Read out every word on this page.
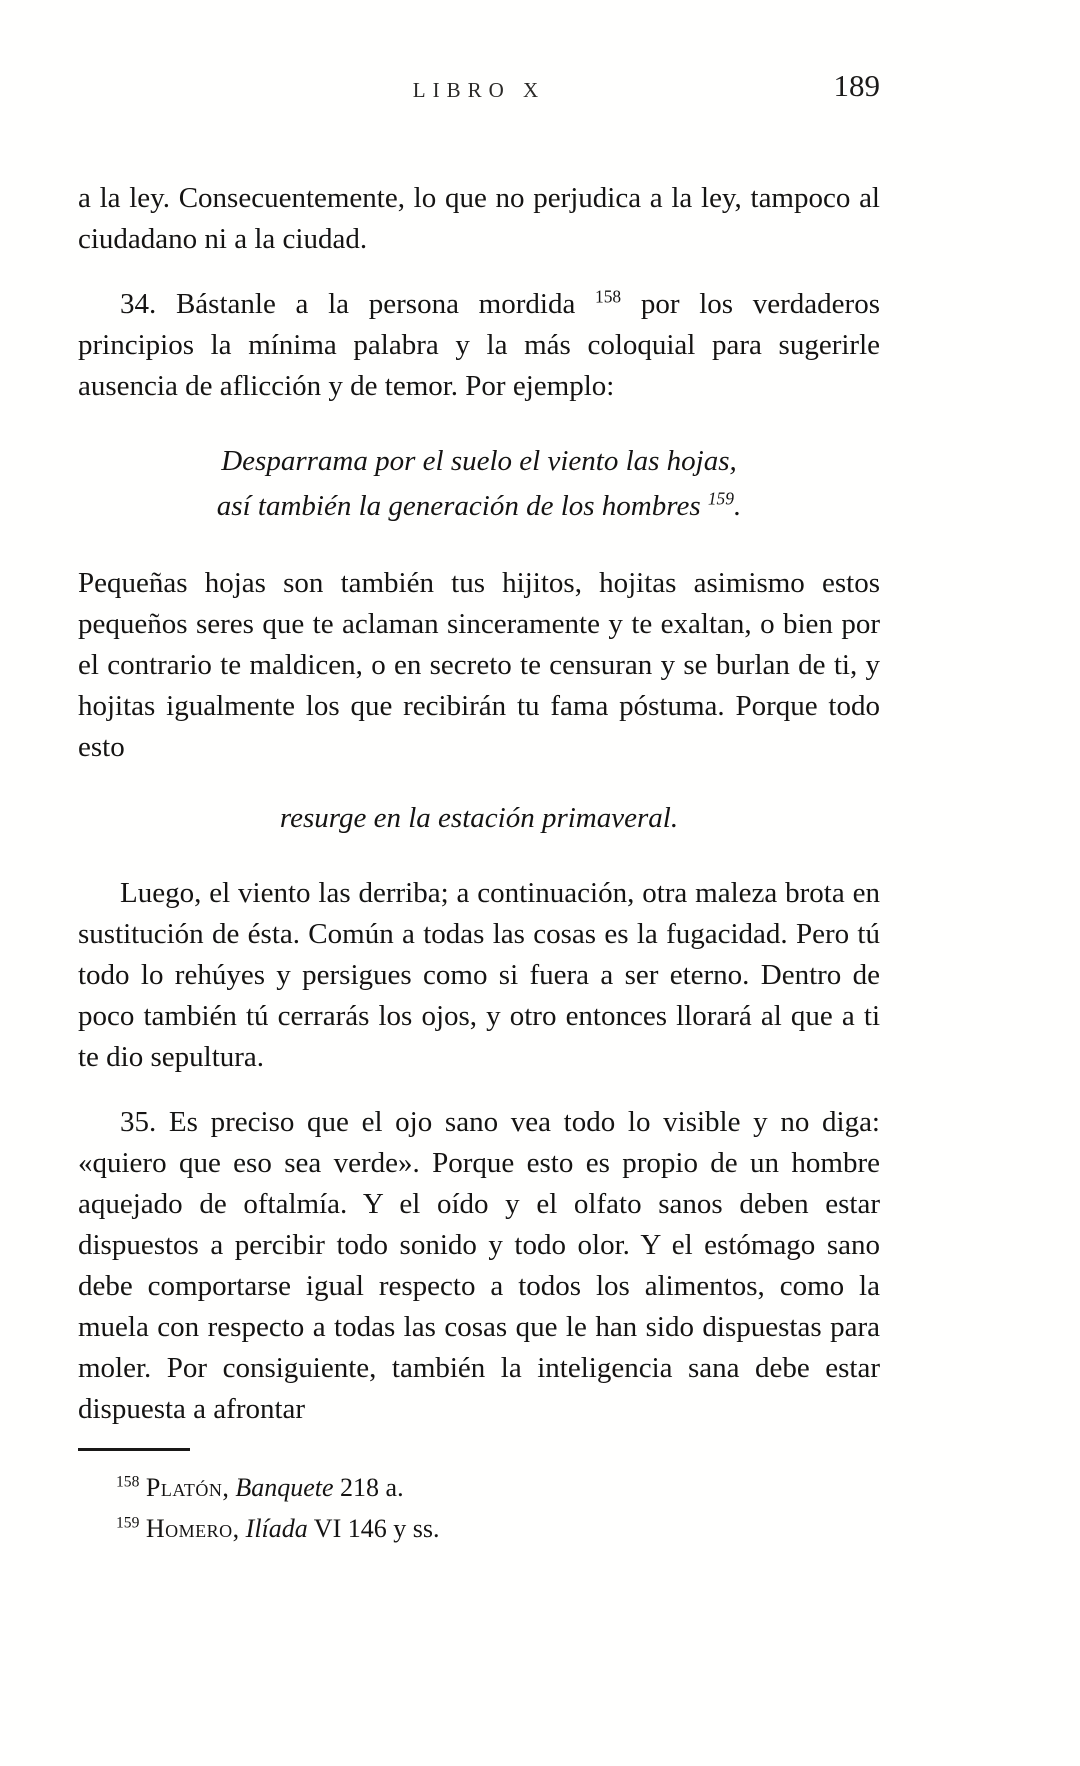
LIBRO X	189

a la ley. Consecuentemente, lo que no perjudica a la ley, tampoco al ciudadano ni a la ciudad.

34. Bástanle a la persona mordida $^{158}$ por los verdaderos principios la mínima palabra y la más coloquial para sugerirle ausencia de aflicción y de temor. Por ejemplo:

Desparrama por el suelo el viento las hojas,
así también la generación de los hombres $^{159}$.

Pequeñas hojas son también tus hijitos, hojitas asimismo estos pequeños seres que te aclaman sinceramente y te exaltan, o bien por el contrario te maldicen, o en secreto te censuran y se burlan de ti, y hojitas igualmente los que recibirán tu fama póstuma. Porque todo esto

resurge en la estación primaveral.

Luego, el viento las derriba; a continuación, otra maleza brota en sustitución de ésta. Común a todas las cosas es la fugacidad. Pero tú todo lo rehúyes y persigues como si fuera a ser eterno. Dentro de poco también tú cerrarás los ojos, y otro entonces llorará al que a ti te dio sepultura.

35. Es preciso que el ojo sano vea todo lo visible y no diga: «quiero que eso sea verde». Porque esto es propio de un hombre aquejado de oftalmía. Y el oído y el olfato sanos deben estar dispuestos a percibir todo sonido y todo olor. Y el estómago sano debe comportarse igual respecto a todos los alimentos, como la muela con respecto a todas las cosas que le han sido dispuestas para moler. Por consiguiente, también la inteligencia sana debe estar dispuesta a afrontar

$^{158}$ Platón, Banquete 218 a.
$^{159}$ Homero, Ilíada VI 146 y ss.
